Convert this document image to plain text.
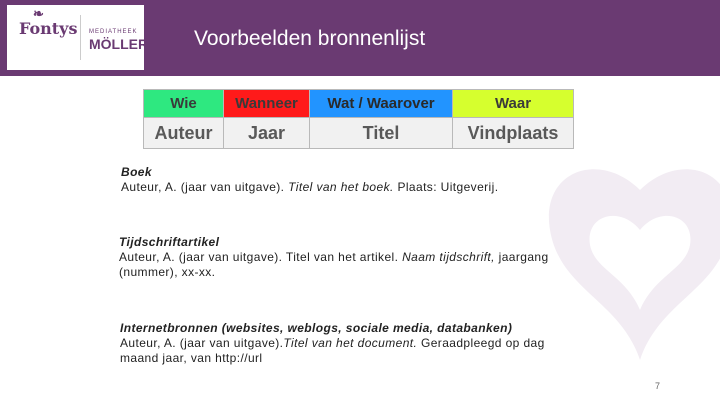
❧
Fontys MEDIATHEEK
MÖLLER Voorbeelden bronnenlijst
Wie	Wanneer	Wat / Waarover	Waar
Auteur	Jaar	Titel	Vindplaats
Boek
Auteur, A. (jaar van uitgave). Titel van het boek. Plaats: Uitgeverij.
Tijdschriftartikel
Auteur, A. (jaar van uitgave). Titel van het artikel. Naam tijdschrift, jaargang (nummer), xx-xx.
Internetbronnen (websites, weblogs, sociale media, databanken)
Auteur, A. (jaar van uitgave).Titel van het document. Geraadpleegd op dag maand jaar, van http://url
7
